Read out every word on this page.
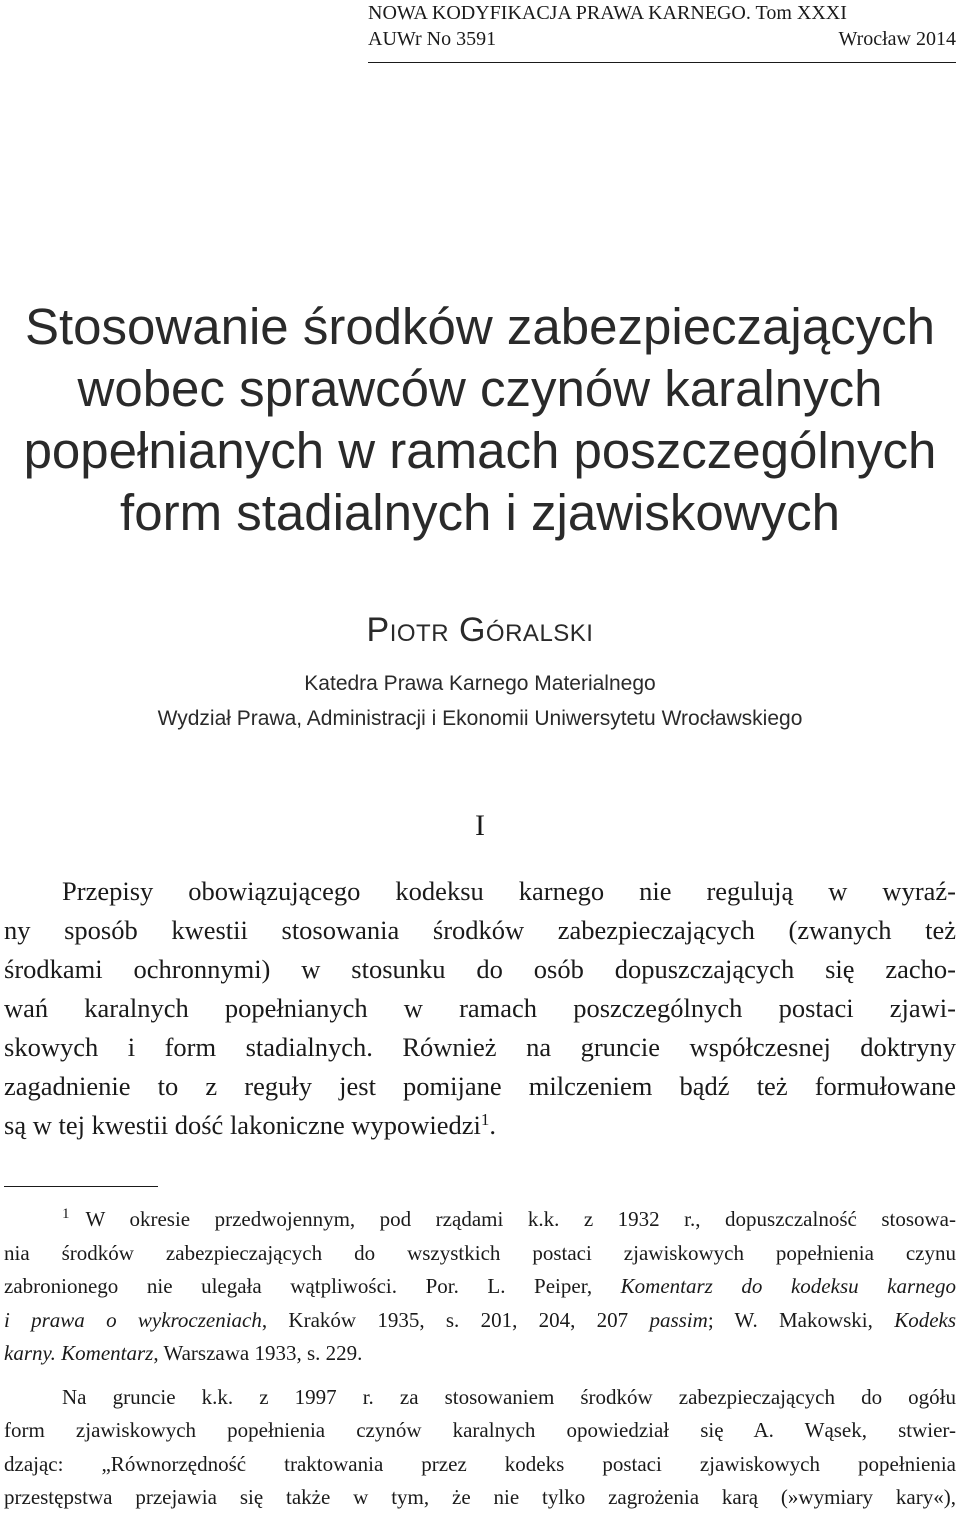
NOWA KODYFIKACJA PRAWA KARNEGO. Tom XXXI
AUWr No 3591	Wrocław 2014
Stosowanie środków zabezpieczających
wobec sprawców czynów karalnych
popełnianych w ramach poszczególnych
form stadialnych i zjawiskowych
Piotr Góralski
Katedra Prawa Karnego Materialnego
Wydział Prawa, Administracji i Ekonomii Uniwersytetu Wrocławskiego
I
Przepisy obowiązującego kodeksu karnego nie regulują w wyraź-
ny sposób kwestii stosowania środków zabezpieczających (zwanych też
środkami ochronnymi) w stosunku do osób dopuszczających się zacho-
wań karalnych popełnianych w ramach poszczególnych postaci zjawi-
skowych i form stadialnych. Również na gruncie współczesnej doktryny
zagadnienie to z reguły jest pomijane milczeniem bądź też formułowane
są w tej kwestii dość lakoniczne wypowiedzi$^1$.
$^1$ W okresie przedwojennym, pod rządami k.k. z 1932 r., dopuszczalność stosowa-
nia środków zabezpieczających do wszystkich postaci zjawiskowych popełnienia czynu
zabronionego nie ulegała wątpliwości. Por. L. Peiper, Komentarz do kodeksu karnego
i prawa o wykroczeniach, Kraków 1935, s. 201, 204, 207 passim; W. Makowski, Kodeks
karny. Komentarz, Warszawa 1933, s. 229.
Na gruncie k.k. z 1997 r. za stosowaniem środków zabezpieczających do ogółu
form zjawiskowych popełnienia czynów karalnych opowiedział się A. Wąsek, stwier-
dzając: „Równorzędność traktowania przez kodeks postaci zjawiskowych popełnienia
przestępstwa przejawia się także w tym, że nie tylko zagrożenia karą (»wymiary kary«),
